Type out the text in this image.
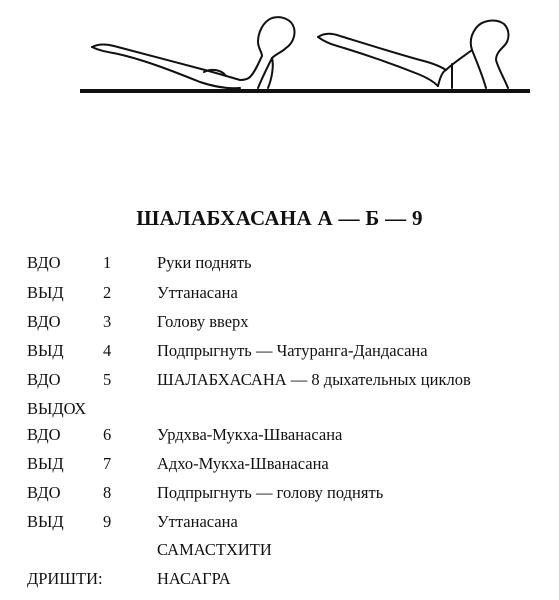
ШАЛАБХАСАНА А — Б — 9
ВДО	1	Руки поднять
ВЫД 2	Уттанасана
ВДО	3	Голову вверх
ВЫД 4	Подпрыгнуть — Чатуранга-Дандасана
ВДО	5	ШАЛАБХАСАНА — 8 дыхательных циклов
ВЫДОХ
ВДО	6	Урдхва-Мукха-Шванасана
ВЫД 7	Адхо-Мукха-Шванасана
ВДО	8	Подпрыгнуть — голову поднять
ВЫД 9	Уттанасана
САМАСТХИТИ
ДРИШТИ:	НАСАГРА
